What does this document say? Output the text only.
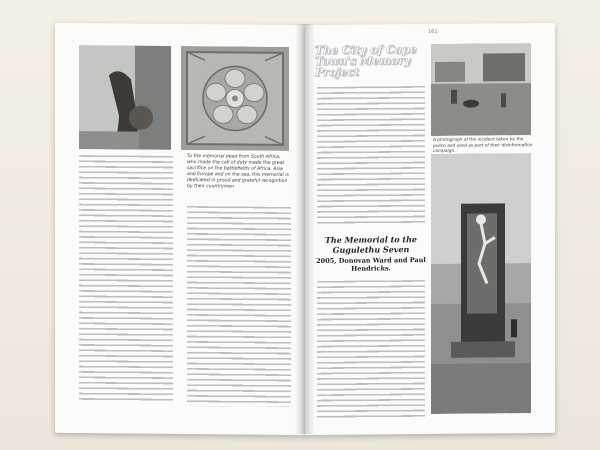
To the memorial dead from South Africa, who made the call of duty made the great sacrifice on the battlefields of Africa, Asia and Europe and on the sea, this memorial is dedicated in proud and grateful recognition by their countrymen
161
The City of Cape Town's Memory Project
The Memorial to the Gugulethu Seven
2005, Donovan Ward and Paul Hendricks.
A photograph of the incident taken by the police and used as part of their disinformation campaign.
